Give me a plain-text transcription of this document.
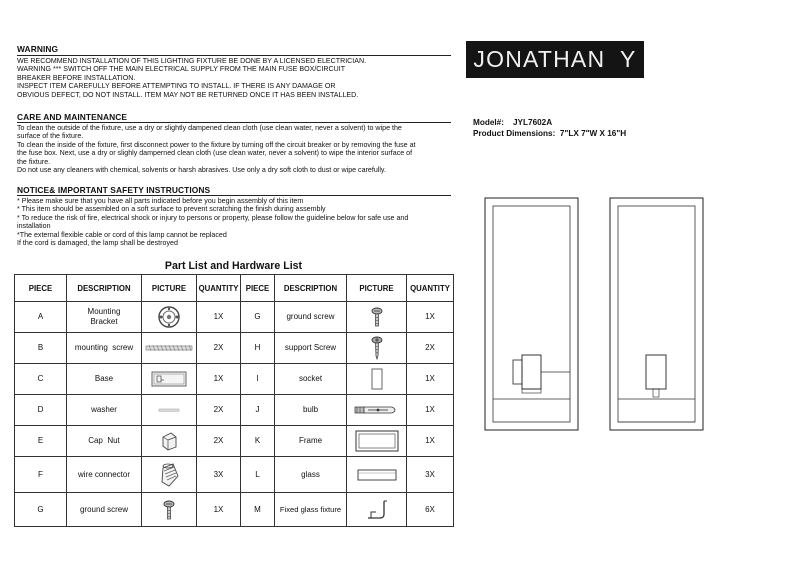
WARNING
WE RECOMMEND INSTALLATION OF THIS LIGHTING FIXTURE BE DONE BY A LICENSED ELECTRICIAN.
WARNING *** SWITCH OFF THE MAIN ELECTRICAL SUPPLY FROM THE MAIN FUSE BOX/CIRCUIT
BREAKER BEFORE INSTALLATION.
INSPECT ITEM CAREFULLY BEFORE ATTEMPTING TO INSTALL. IF THERE IS ANY DAMAGE OR
OBVIOUS DEFECT, DO NOT INSTALL. ITEM MAY NOT BE RETURNED ONCE IT HAS BEEN INSTALLED.
CARE AND MAINTENANCE
To clean the outside of the fixture, use a dry or slightly dampened clean cloth (use clean water, never a solvent) to wipe the
surface of the fixture.
To clean the inside of the fixture, first disconnect power to the fixture by turning off the circuit breaker or by removing the fuse at
the fuse box. Next, use a dry or slighly damperned clean cloth (use clean water, never a solvent) to wipe the interior surface of
the fixture.
Do not use any cleaners with chemical, solvents or harsh abrasives. Use only a dry soft cloth to dust or wipe carefully.
NOTICE& IMPORTANT SAFETY INSTRUCTIONS
* Please make sure that you have all parts indicated before you begin assembly of this item
* This item should be assembled on a soft surface to prevent scratching the finish during assembly
* To reduce the risk of fire, electrical shock or injury to persons or property, please follow the guideline below for safe use and
installation
*The external flexible cable or cord of this lamp cannot be replaced
If the cord is damaged, the lamp shall be destroyed
JONATHAN  Y
Model#: JYL7602A
Product Dimensions: 7"LX 7"W X 16"H
Part List and Hardware List
PIECE	DESCRIPTION	PICTURE	QUANTITY	PIECE	DESCRIPTION	PICTURE	QUANTITY
A	Mounting
Bracket		1X	G	ground screw		1X
B	mounting  screw		2X	H	support Screw		2X
C	Base		1X	I	socket		1X
D	washer		2X	J	bulb		1X
E	Cap  Nut		2X	K	Frame		1X
F	wire connector		3X	L	glass		3X
G	ground screw		1X	M	Fixed glass fixture		6X
